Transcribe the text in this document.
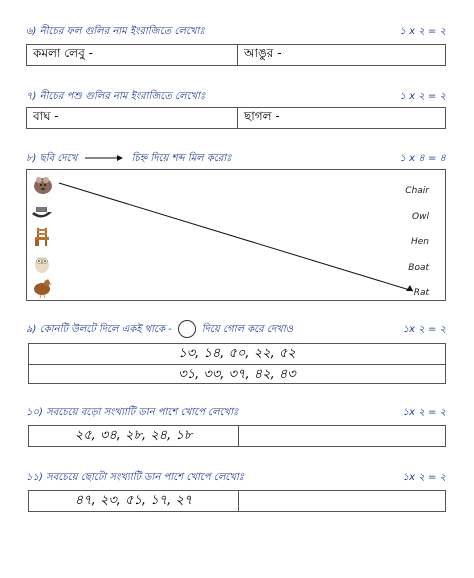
৬) নীচের ফল গুলির নাম ইংরাজিতে লেখোঃ	১ x ২ = ২
কমলা লেবু -	আঙুর -
৭) নীচের পশু গুলির নাম ইংরাজিতে লেখোঃ	১ x ২ = ২
বাঘ -	ছাগল -
৮) ছবি দেখে	চিহ্ন দিয়ে শব্দ মিল করোঃ	১ x ৪ = ৪
Chair
Owl
Hen
Boat
Rat
৯) কোনটি উলটে দিলে একই থাকে -	দিয়ে গোল করে দেখাও	১x ২ = ২
১৩, ১৪, ৫০, ২২, ৫২
৩১, ৩৩, ৩৭, ৪২, ৪৩
১০) সবচেয়ে বড়ো সংখ্যাটি ডান পাশে খোপে লেখোঃ	১x ২ = ২
২৫, ৩৪, ২৮, ২৪, ১৮
১১) সবচেয়ে ছোটো সংখ্যাটি ডান পাশে খোপে লেখোঃ	১x ২ = ২
৪৭, ২৩, ৫১, ১৭, ২৭
